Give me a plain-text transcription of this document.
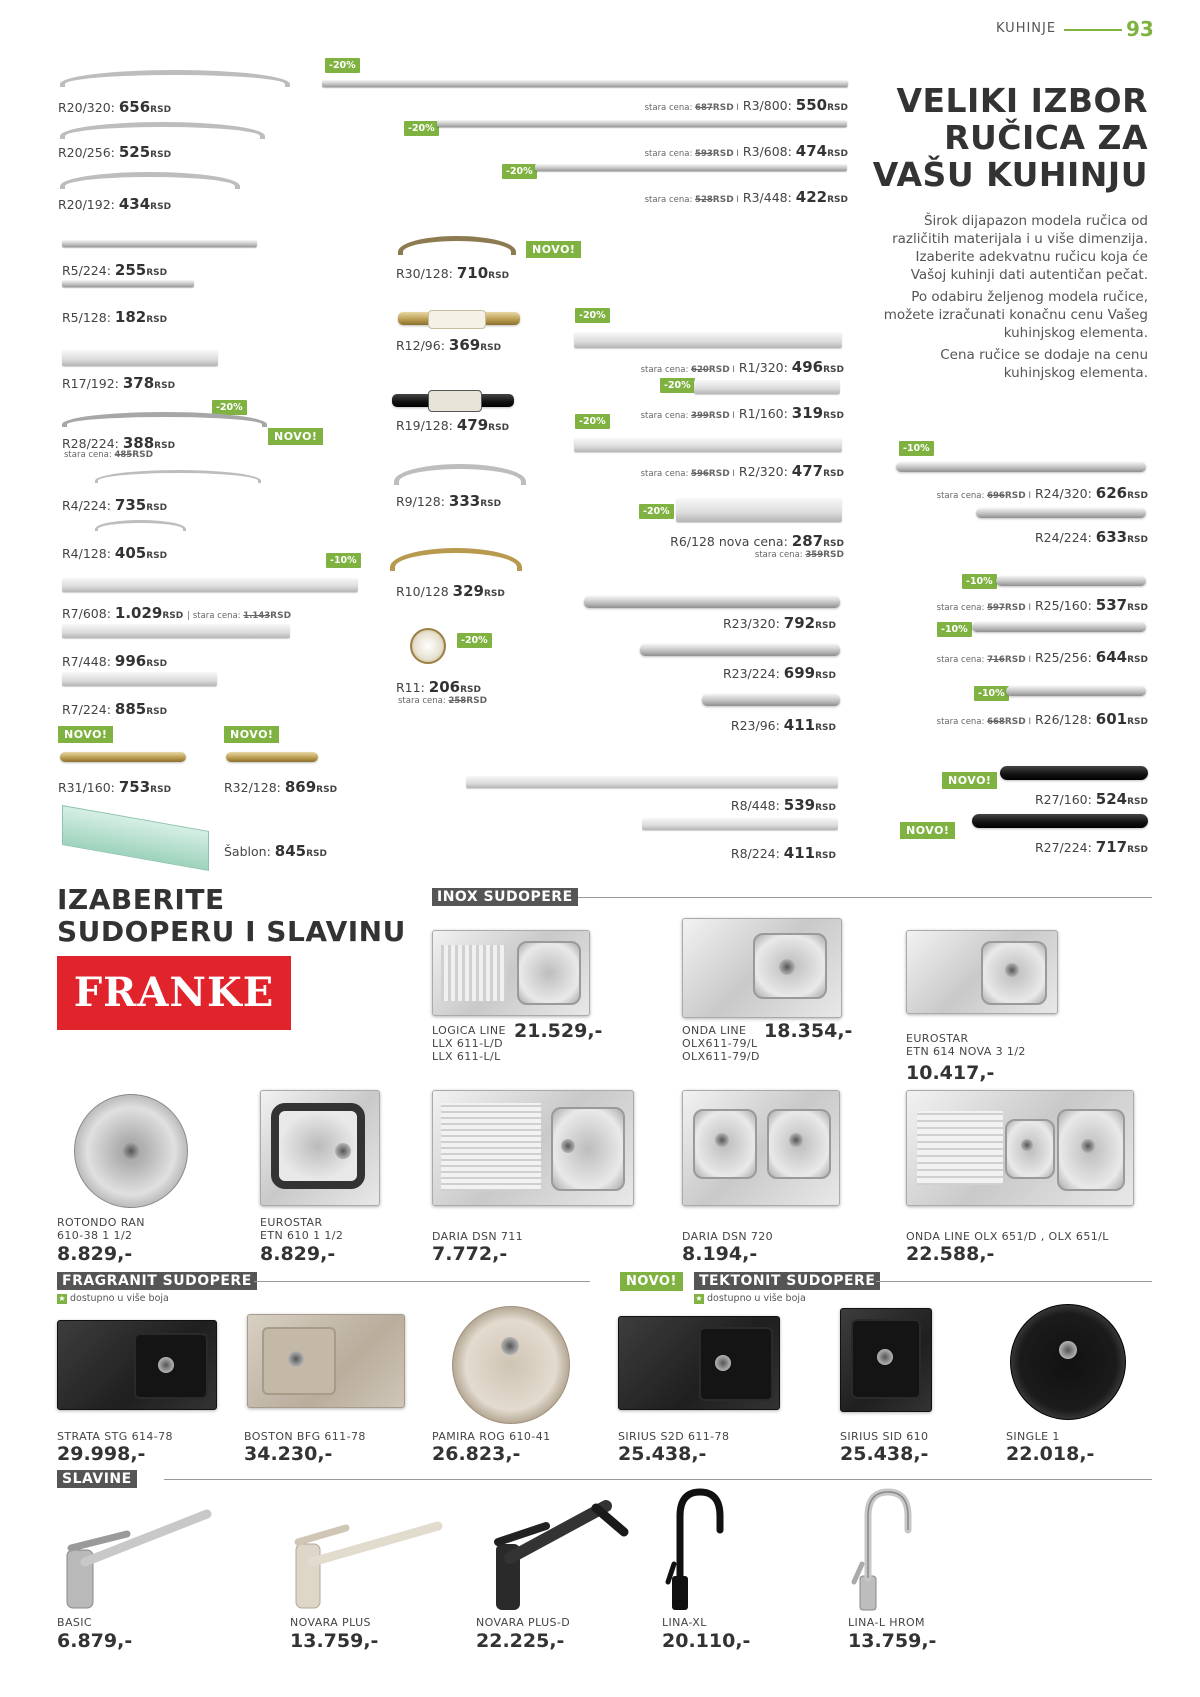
KUHINJE	93
VELIKI IZBOR
RUČICA ZA
VAŠU KUHINJU
Širok dijapazon modela ručica od
različitih materijala i u više dimenzija.
Izaberite adekvatnu ručicu koja će
Vašoj kuhinji dati autentičan pečat.
Po odabiru željenog modela ručice,
možete izračunati konačnu cenu Vašeg
kuhinjskog elementa.
Cena ručice se dodaje na cenu
kuhinjskog elementa.
R20/320: 656RSD
R20/256: 525RSD
R20/192: 434RSD
R5/224: 255RSD
R5/128: 182RSD
R17/192: 378RSD
-20%
R28/224: 388RSD
stara cena: 485RSD
NOVO!
R4/224: 735RSD
R4/128: 405RSD	-10%
R7/608: 1.029RSD | stara cena: 1.143RSD
R7/448: 996RSD
R7/224: 885RSD
NOVO!	NOVO!
R31/160: 753RSD	R32/128: 869RSD
Šablon: 845RSD
-20%
stara cena: 687RSD I R3/800: 550RSD
-20%
stara cena: 593RSD I R3/608: 474RSD
-20%
stara cena: 528RSD I R3/448: 422RSD
NOVO!
R30/128: 710RSD
R12/96: 369RSD
R19/128: 479RSD
R9/128: 333RSD
R10/128 329RSD
-20%
R11: 206RSD
stara cena: 258RSD
-20%
stara cena: 620RSD I R1/320: 496RSD
-20%
stara cena: 399RSD I R1/160: 319RSD
-20%
stara cena: 596RSD I R2/320: 477RSD
-20%
R6/128 nova cena: 287RSD
stara cena: 359RSD
R23/320: 792RSD
R23/224: 699RSD
R23/96: 411RSD
R8/448: 539RSD
R8/224: 411RSD
-10%
stara cena: 696RSD I R24/320: 626RSD
R24/224: 633RSD
-10%
stara cena: 597RSD I R25/160: 537RSD
-10%
stara cena: 716RSD I R25/256: 644RSD
-10%
stara cena: 668RSD I R26/128: 601RSD
NOVO!
R27/160: 524RSD
NOVO!
R27/224: 717RSD
IZABERITE
SUDOPERU I SLAVINU
FRANKE
INOX SUDOPERE
LOGICA LINE
LLX 611-L/D
LLX 611-L/L
21.529,-	ONDA LINE
OLX611-79/L
OLX611-79/D
18.354,-	EUROSTAR
ETN 614 NOVA 3 1/2
10.417,-
ROTONDO RAN
610-38 1 1/2
8.829,-
EUROSTAR
ETN 610 1 1/2
8.829,-
DARIA DSN 711
7.772,-
DARIA DSN 720
8.194,-
ONDA LINE OLX 651/D , OLX 651/L
22.588,-
FRAGRANIT SUDOPERE
★ dostupno u više boja
NOVO!	TEKTONIT SUDOPERE
★ dostupno u više boja
STRATA STG 614-78
29.998,-
BOSTON BFG 611-78
34.230,-
PAMIRA ROG 610-41
26.823,-
SIRIUS S2D 611-78
25.438,-
SIRIUS SID 610
25.438,-
SINGLE 1
22.018,-
SLAVINE
BASIC
6.879,-
NOVARA PLUS
13.759,-
NOVARA PLUS-D
22.225,-
LINA-XL
20.110,-
LINA-L HROM
13.759,-
